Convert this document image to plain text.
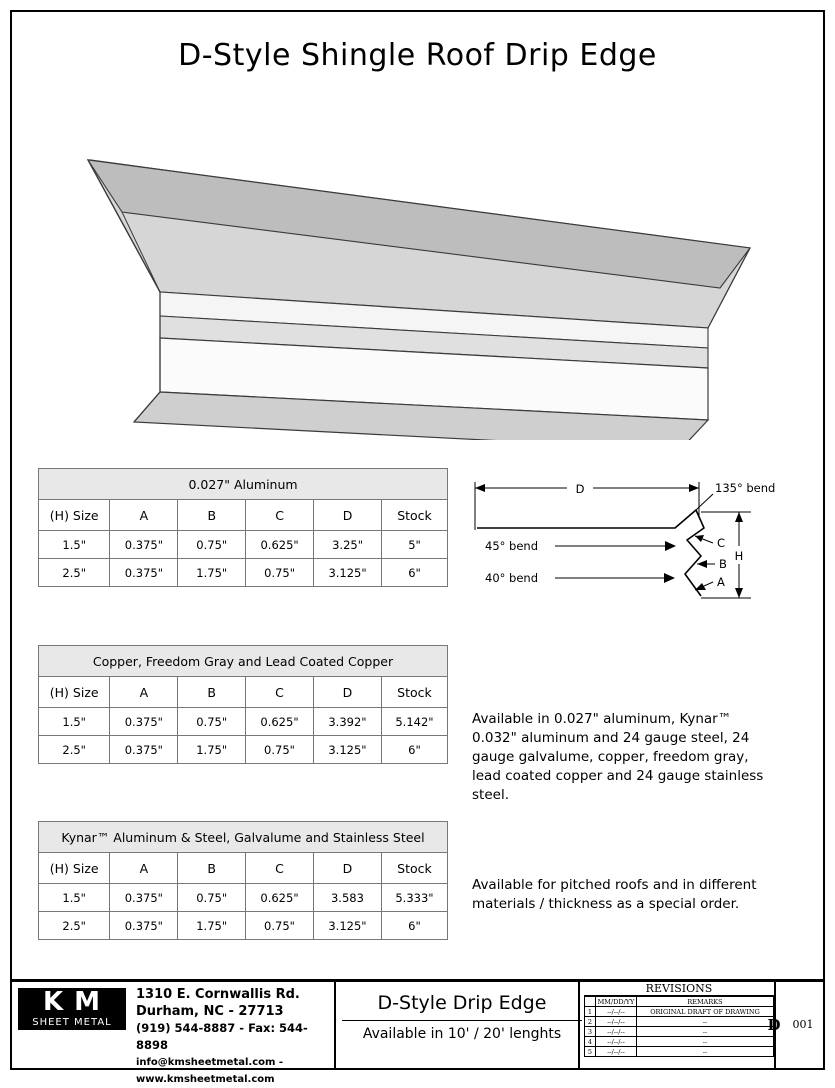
D-Style Shingle Roof Drip Edge
0.027" Aluminum					
(H) Size	A	B	C	D	Stock
1.5"	0.375"	0.75"	0.625"	3.25"	5"
2.5"	0.375"	1.75"	0.75"	3.125"	6"
Copper, Freedom Gray and Lead Coated Copper					
(H) Size	A	B	C	D	Stock
1.5"	0.375"	0.75"	0.625"	3.392"	5.142"
2.5"	0.375"	1.75"	0.75"	3.125"	6"
Kynar™ Aluminum & Steel, Galvalume and Stainless Steel					
(H) Size	A	B	C	D	Stock
1.5"	0.375"	0.75"	0.625"	3.583	5.333"
2.5"	0.375"	1.75"	0.75"	3.125"	6"
D
H
135° bend
C
B
A
45° bend
40° bend
Available in 0.027" aluminum, Kynar™ 0.032" aluminum and 24 gauge steel, 24 gauge galvalume, copper, freedom gray, lead coated copper and 24 gauge stainless steel.
Available for pitched roofs and in different materials / thickness as a special order.
K M
SHEET METAL
1310 E. Cornwallis Rd.
Durham, NC - 27713
(919) 544-8887 - Fax: 544-8898
info@kmsheetmetal.com - www.kmsheetmetal.com
D-Style Drip Edge
Available in 10' / 20' lenghts
REVISIONS
	MM/DD/YY	REMARKS
1	--/--/--	ORIGINAL DRAFT OF DRAWING
2	--/--/--	--
3	--/--/--	--
4	--/--/--	--
5	--/--/--	--
D	001
